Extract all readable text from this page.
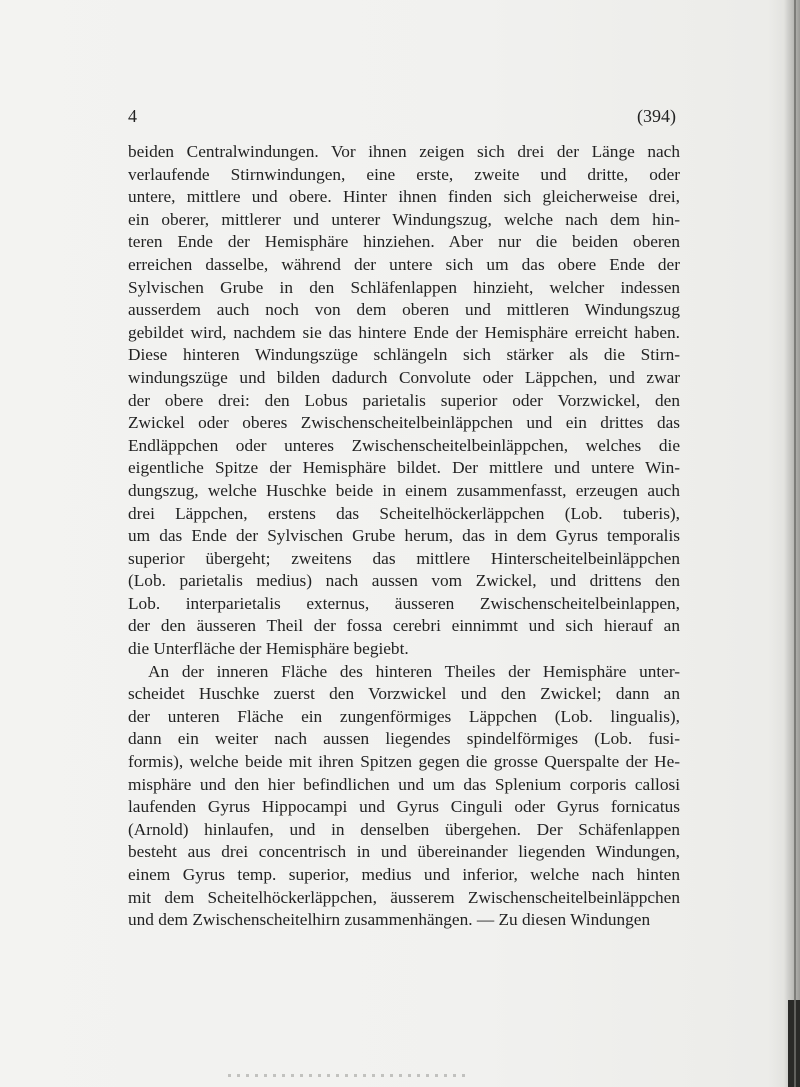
4	(394)
beiden Centralwindungen. Vor ihnen zeigen sich drei der Länge nach
verlaufende Stirnwindungen, eine erste, zweite und dritte, oder
untere, mittlere und obere. Hinter ihnen finden sich gleicherweise drei,
ein oberer, mittlerer und unterer Windungszug, welche nach dem hin-
teren Ende der Hemisphäre hinziehen. Aber nur die beiden oberen
erreichen dasselbe, während der untere sich um das obere Ende der
Sylvischen Grube in den Schläfenlappen hinzieht, welcher indessen
ausserdem auch noch von dem oberen und mittleren Windungszug
gebildet wird, nachdem sie das hintere Ende der Hemisphäre erreicht haben.
Diese hinteren Windungszüge schlängeln sich stärker als die Stirn-
windungszüge und bilden dadurch Convolute oder Läppchen, und zwar
der obere drei: den Lobus parietalis superior oder Vorzwickel, den
Zwickel oder oberes Zwischenscheitelbeinläppchen und ein drittes das
Endläppchen oder unteres Zwischenscheitelbeinläppchen, welches die
eigentliche Spitze der Hemisphäre bildet. Der mittlere und untere Win-
dungszug, welche Huschke beide in einem zusammenfasst, erzeugen auch
drei Läppchen, erstens das Scheitelhöckerläppchen (Lob. tuberis),
um das Ende der Sylvischen Grube herum, das in dem Gyrus temporalis
superior übergeht; zweitens das mittlere Hinterscheitelbeinläppchen
(Lob. parietalis medius) nach aussen vom Zwickel, und drittens den
Lob. interparietalis externus, äusseren Zwischenscheitelbeinlappen,
der den äusseren Theil der fossa cerebri einnimmt und sich hierauf an
die Unterfläche der Hemisphäre begiebt.
An der inneren Fläche des hinteren Theiles der Hemisphäre unter-
scheidet Huschke zuerst den Vorzwickel und den Zwickel; dann an
der unteren Fläche ein zungenförmiges Läppchen (Lob. lingualis),
dann ein weiter nach aussen liegendes spindelförmiges (Lob. fusi-
formis), welche beide mit ihren Spitzen gegen die grosse Querspalte der He-
misphäre und den hier befindlichen und um das Splenium corporis callosi
laufenden Gyrus Hippocampi und Gyrus Cinguli oder Gyrus fornicatus
(Arnold) hinlaufen, und in denselben übergehen. Der Schäfenlappen
besteht aus drei concentrisch in und übereinander liegenden Windungen,
einem Gyrus temp. superior, medius und inferior, welche nach hinten
mit dem Scheitelhöckerläppchen, äusserem Zwischenscheitelbeinläppchen
und dem Zwischenscheitelhirn zusammenhängen. — Zu diesen Windungen
